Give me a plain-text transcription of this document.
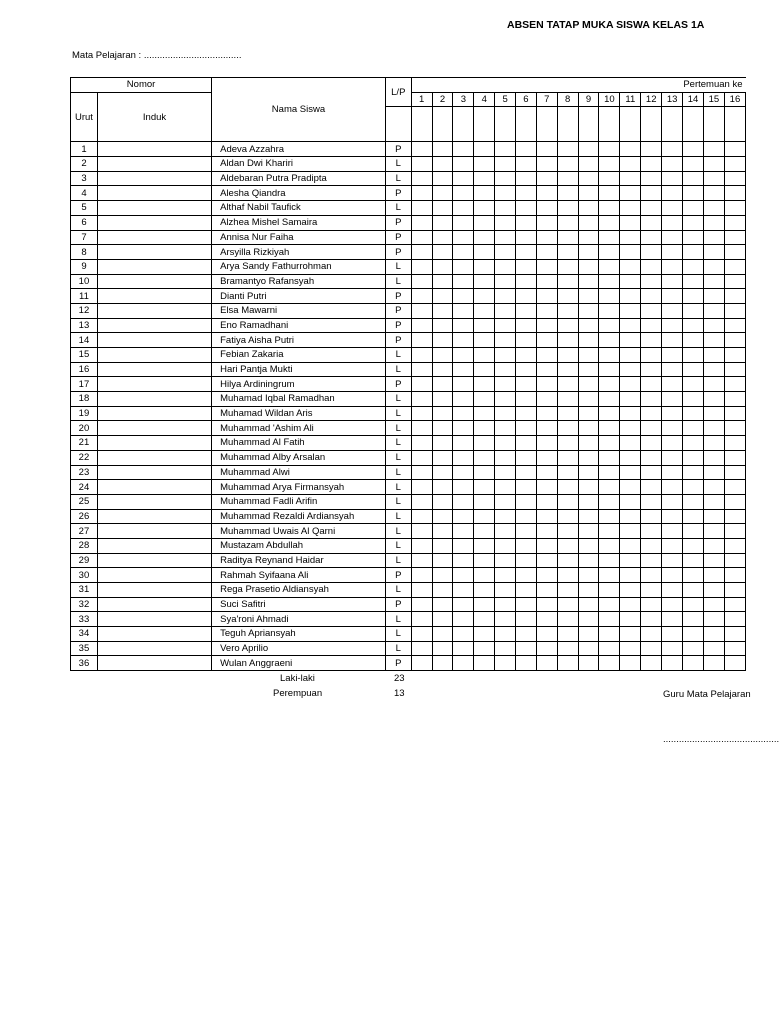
ABSEN TATAP MUKA SISWA KELAS 1A
Mata Pelajaran : .....................................
Nomor		Nama Siswa	L/P	Pertemuan ke															
Urut	Induk			1	2	3	4	5	6	7	8	9	10	11	12	13	14	15	16

1		Adeva Azzahra	P																
2		Aldan Dwi Khariri	L																
3		Aldebaran Putra Pradipta	L																
4		Alesha Qiandra	P																
5		Althaf Nabil Taufick	L																
6		Alzhea Mishel Samaira	P																
7		Annisa Nur Faiha	P																
8		Arsyilla Rizkiyah	P																
9		Arya Sandy Fathurrohman	L																
10		Bramantyo Rafansyah	L																
11		Dianti Putri	P																
12		Elsa Mawarni	P																
13		Eno Ramadhani	P																
14		Fatiya Aisha Putri	P																
15		Febian Zakaria	L																
16		Hari Pantja Mukti	L																
17		Hilya Ardiningrum	P																
18		Muhamad Iqbal Ramadhan	L																
19		Muhamad Wildan Aris	L																
20		Muhammad 'Ashim Ali	L																
21		Muhammad Al Fatih	L																
22		Muhammad Alby Arsalan	L																
23		Muhammad Alwi	L																
24		Muhammad Arya Firmansyah	L																
25		Muhammad Fadli Arifin	L																
26		Muhammad Rezaldi Ardiansyah	L																
27		Muhammad Uwais Al Qarni	L																
28		Mustazam Abdullah	L																
29		Raditya Reynand Haidar	L																
30		Rahmah Syifaana Ali	P																
31		Rega Prasetio Aldiansyah	L																
32		Suci Safitri	P																
33		Sya'roni Ahmadi	L																
34		Teguh Apriansyah	L																
35		Vero Aprilio	L																
36		Wulan Anggraeni	P																
Laki-laki	23
Perempuan	13	Guru Mata Pelajaran
............................................
